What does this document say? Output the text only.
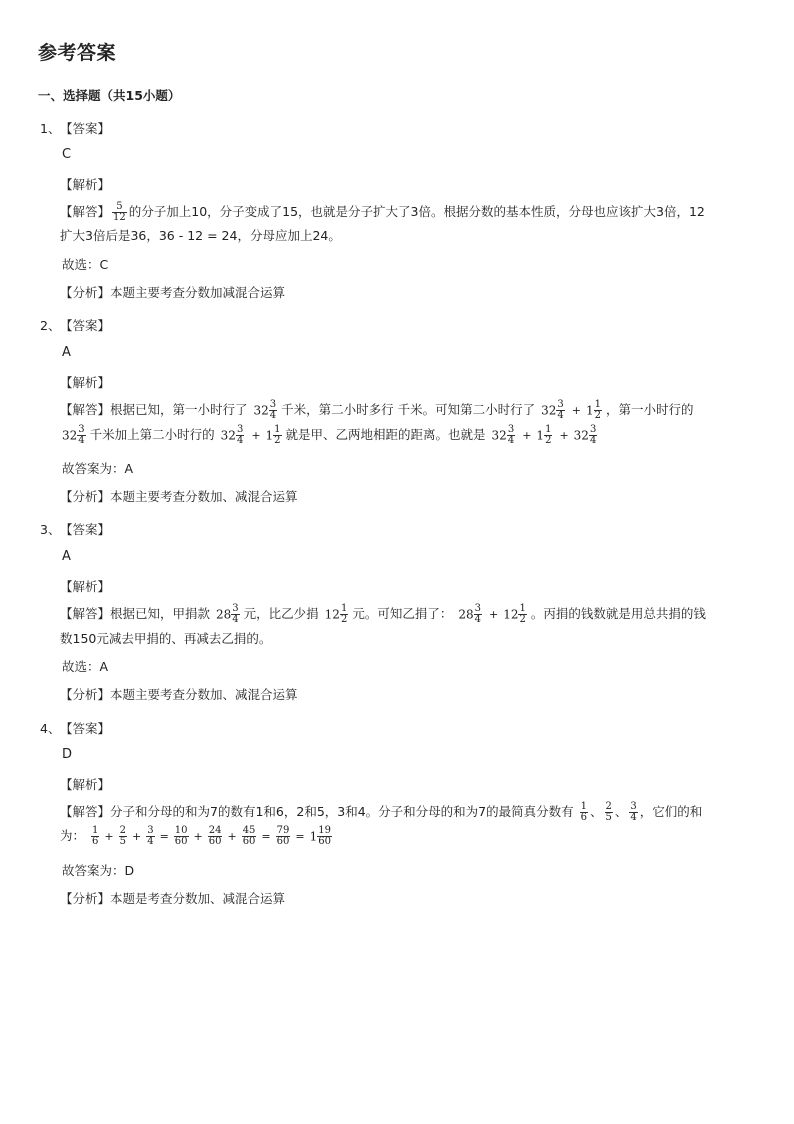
参考答案
一、选择题（共15小题）
1、 【答案】
C
【解析】
【解答】 $\frac{5}{12}$ 的分子加上10，分子变成了15，也就是分子扩大了3倍。根据分数的基本性质，分母也应该扩大3倍，12扩大3倍后是36，36 - 12 = 24，分母应加上24。
故选：C
【分析】本题主要考查分数加减混合运算
2、 【答案】
A
【解析】
【解答】根据已知，第一小时行了 $32 \frac{3}{4}$ 千米，第二小时多行 千米。可知第二小时行了 $32 \frac{3}{4} + 1 \frac{1}{2}$ ，第一小时行的 $32 \frac{3}{4}$ 千米加上第二小时行的 $32 \frac{3}{4} + 1 \frac{1}{2}$ 就是甲、乙两地相距的距离。也就是 $32 \frac{3}{4} + 1 \frac{1}{2} + 32 \frac{3}{4}$
故答案为：A
【分析】本题主要考查分数加、减混合运算
3、 【答案】
A
【解析】
【解答】根据已知，甲捐款 $28 \frac{3}{4}$ 元，比乙少捐 $12 \frac{1}{2}$ 元。可知乙捐了： $28 \frac{3}{4} + 12 \frac{1}{2}$ 。丙捐的钱数就是用总共捐的钱数150元减去甲捐的、再减去乙捐的。
故选：A
【分析】本题主要考查分数加、减混合运算
4、 【答案】
D
【解析】
【解答】分子和分母的和为7的数有1和6，2和5，3和4。分子和分母的和为7的最简真分数有 $\frac{1}{6}$ 、 $\frac{2}{5}$ 、 $\frac{3}{4}$ ，它们的和为： $\frac{1}{6} + \frac{2}{5} + \frac{3}{4} = \frac{10}{60} + \frac{24}{60} + \frac{45}{60} = \frac{79}{60} = 1 \frac{19}{60}$
故答案为：D
【分析】本题是考查分数加、减混合运算
